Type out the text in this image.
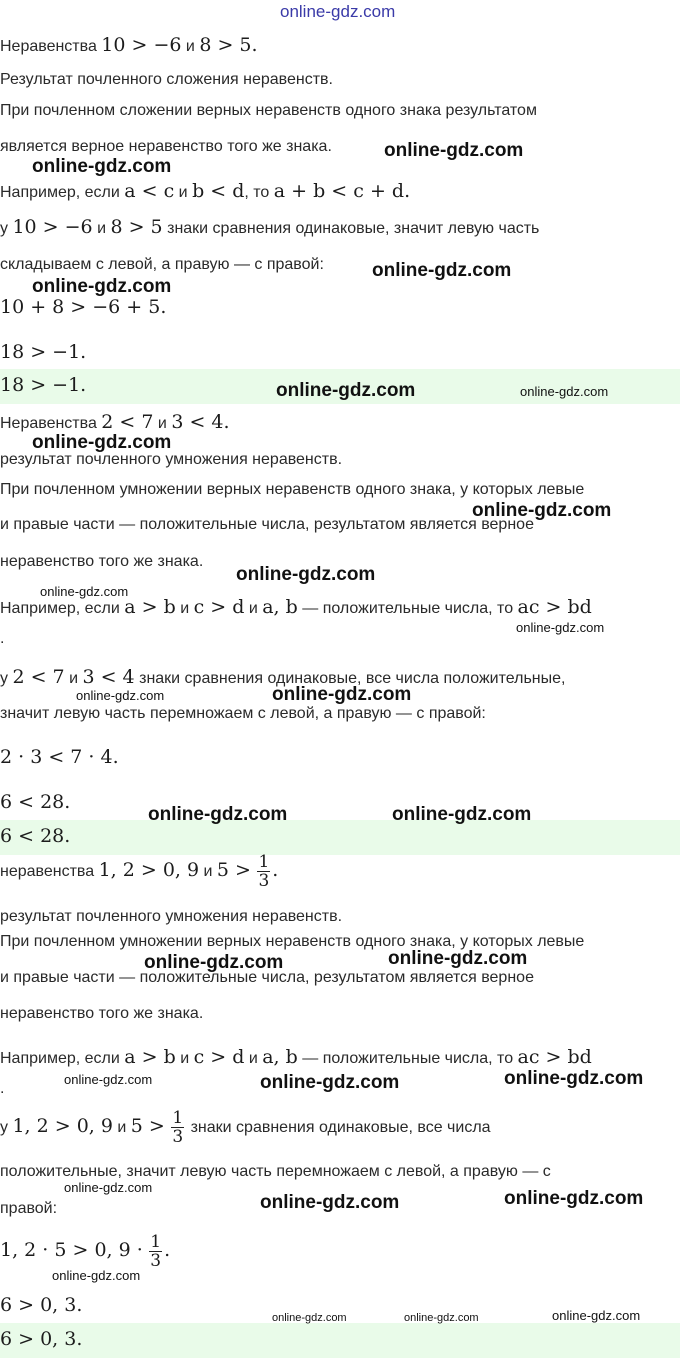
Неравенства 10 > −6 и 8 > 5.
Результат почленного сложения неравенств.
При почленном сложении верных неравенств одного знака результатом
является верное неравенство того же знака.
Например, если a < c и b < d, то a + b < c + d.
у 10 > −6 и 8 > 5 знаки сравнения одинаковые, значит левую часть
складываем с левой, а правую — с правой:
10 + 8 > −6 + 5.
18 > −1.
18 > −1.
Неравенства 2 < 7 и 3 < 4.
результат почленного умножения неравенств.
При почленном умножении верных неравенств одного знака, у которых левые
и правые части — положительные числа, результатом является верное
неравенство того же знака.
Например, если a > b и c > d и a, b — положительные числа, то ac > bd
.
у 2 < 7 и 3 < 4 знаки сравнения одинаковые, все числа положительные,
значит левую часть перемножаем с левой, а правую — с правой:
2 · 3 < 7 · 4.
6 < 28.
6 < 28.
неравенства 1, 2 > 0, 9 и $5 > \frac{1}{3}$ .
результат почленного умножения неравенств.
При почленном умножении верных неравенств одного знака, у которых левые
и правые части — положительные числа, результатом является верное
неравенство того же знака.
Например, если a > b и c > d и a, b — положительные числа, то ac > bd
.
у 1, 2 > 0, 9 и $5 > \frac{1}{3}$ знаки сравнения одинаковые, все числа
положительные, значит левую часть перемножаем с левой, а правую — с
правой:
1, 2 · 5 > 0, $9 \cdot \frac{1}{3}$ .
6 > 0, 3.
6 > 0, 3.
online-gdz.com
online-gdz.com
online-gdz.com
online-gdz.com
online-gdz.com
online-gdz.com	online-gdz.com
online-gdz.com
online-gdz.com
online-gdz.com
online-gdz.com
online-gdz.com
online-gdz.com
online-gdz.com
online-gdz.com	online-gdz.com
online-gdz.com
online-gdz.com
online-gdz.com	online-gdz.com	online-gdz.com
online-gdz.com
online-gdz.com
online-gdz.com
online-gdz.com
online-gdz.com
online-gdz.com	online-gdz.com
